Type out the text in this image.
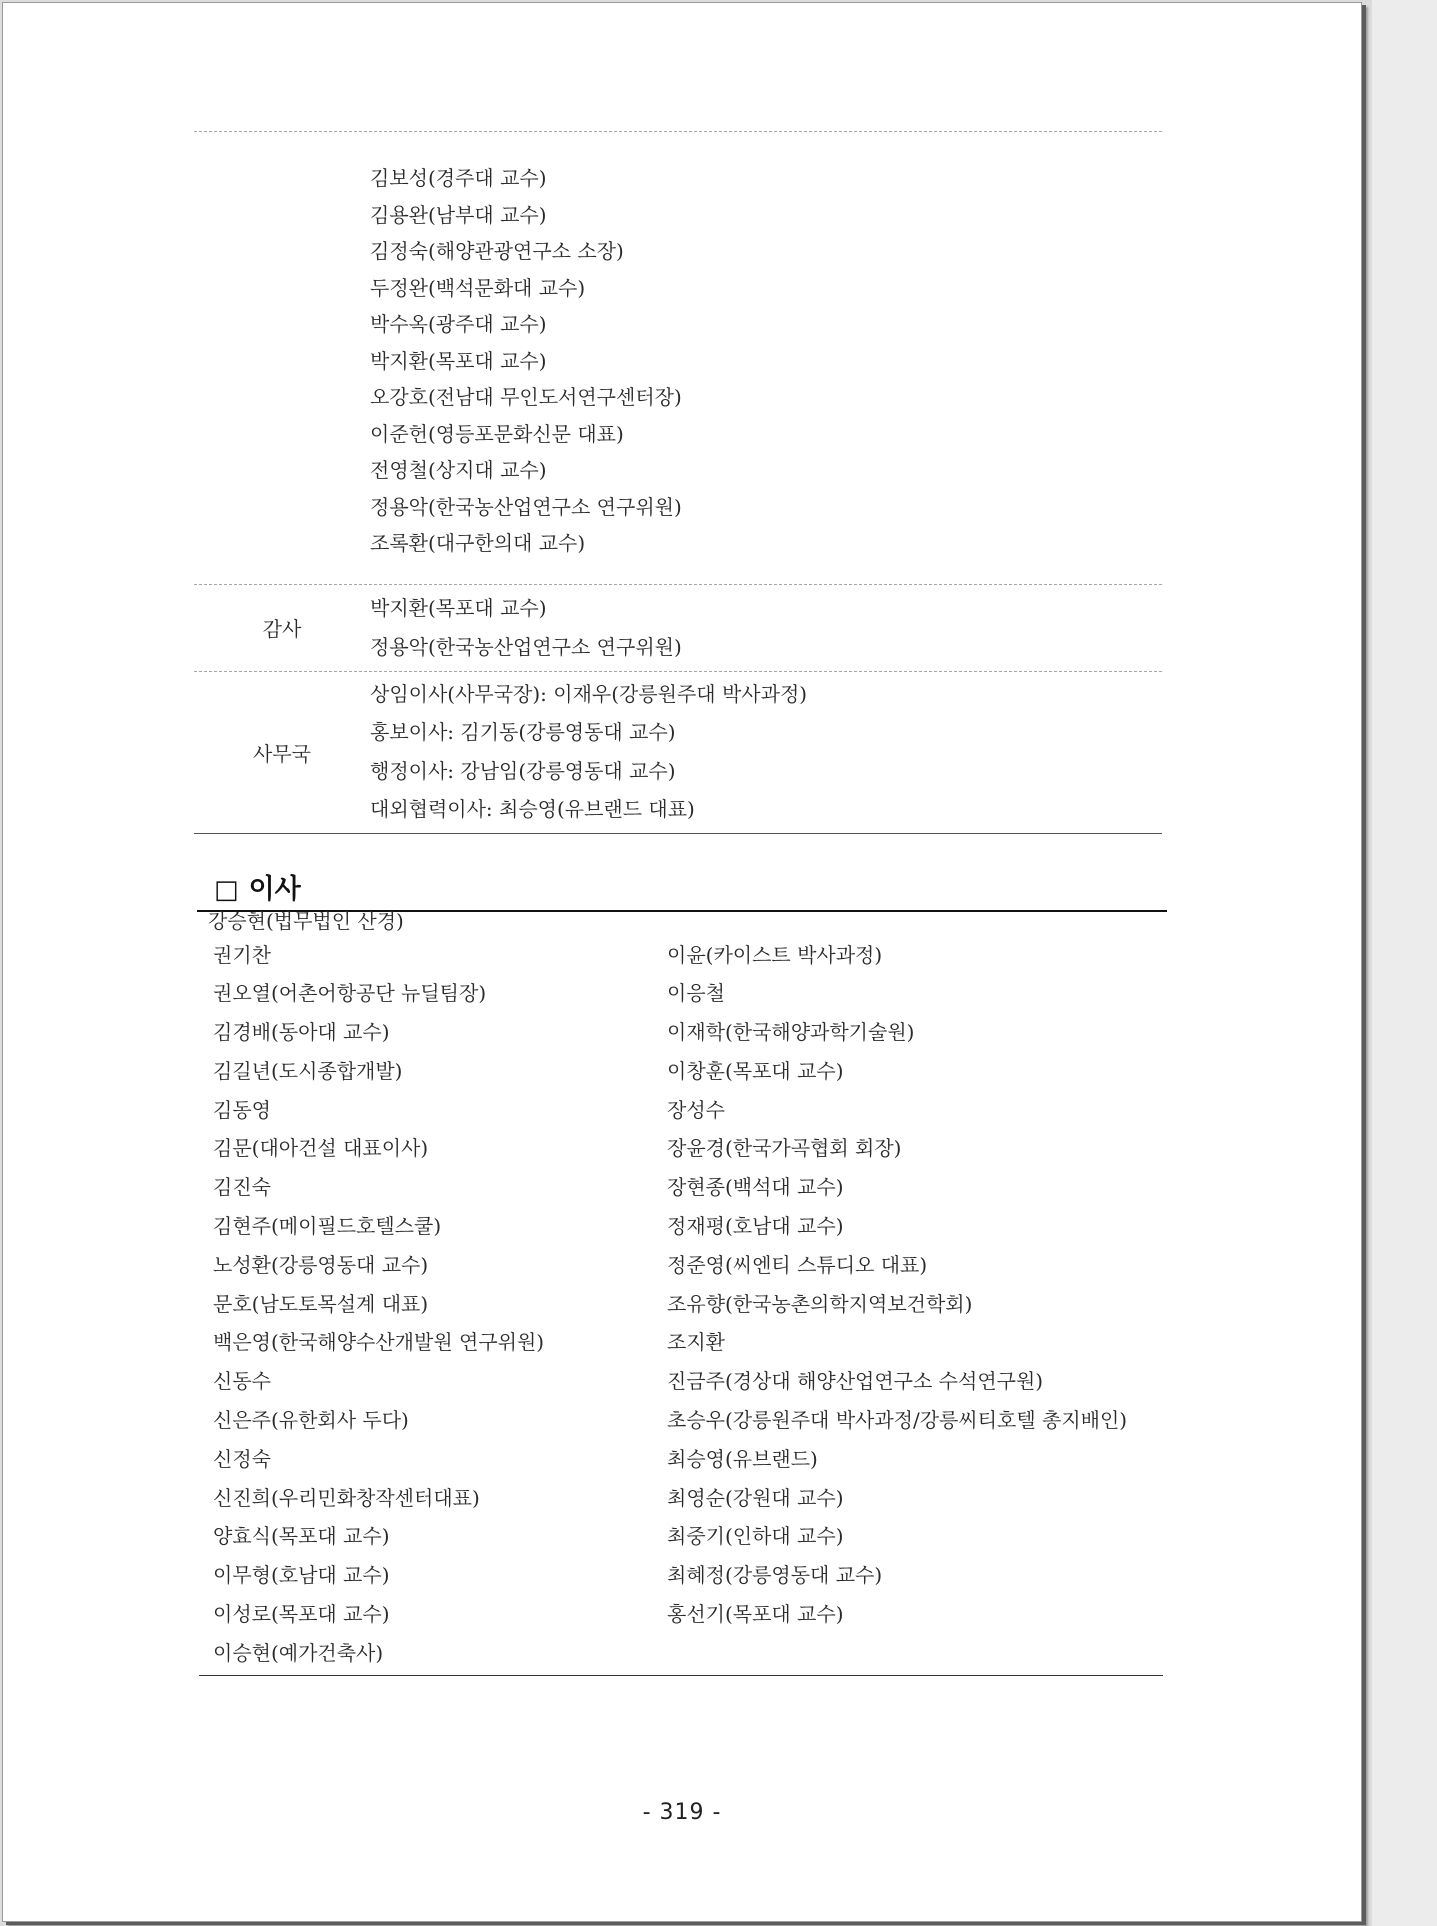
김보성(경주대 교수)
김용완(남부대 교수)
김정숙(해양관광연구소 소장)
두정완(백석문화대 교수)
박수옥(광주대 교수)
박지환(목포대 교수)
오강호(전남대 무인도서연구센터장)
이준헌(영등포문화신문 대표)
전영철(상지대 교수)
정용악(한국농산업연구소 연구위원)
조록환(대구한의대 교수)
감사
박지환(목포대 교수)
정용악(한국농산업연구소 연구위원)
사무국
상임이사(사무국장): 이재우(강릉원주대 박사과정)
홍보이사: 김기동(강릉영동대 교수)
행정이사: 강남임(강릉영동대 교수)
대외협력이사: 최승영(유브랜드 대표)
□ 이사
강승현(법무법인 산경)
권기찬
권오열(어촌어항공단 뉴딜팀장)
김경배(동아대 교수)
김길년(도시종합개발)
김동영
김문(대아건설 대표이사)
김진숙
김현주(메이필드호텔스쿨)
노성환(강릉영동대 교수)
문호(남도토목설계 대표)
백은영(한국해양수산개발원 연구위원)
신동수
신은주(유한회사 두다)
신정숙
신진희(우리민화창작센터대표)
양효식(목포대 교수)
이무형(호남대 교수)
이성로(목포대 교수)
이승현(예가건축사)
이윤(카이스트 박사과정)
이응철
이재학(한국해양과학기술원)
이창훈(목포대 교수)
장성수
장윤경(한국가곡협회 회장)
장현종(백석대 교수)
정재평(호남대 교수)
정준영(씨엔티 스튜디오 대표)
조유향(한국농촌의학지역보건학회)
조지환
진금주(경상대 해양산업연구소 수석연구원)
초승우(강릉원주대 박사과정/강릉씨티호텔 총지배인)
최승영(유브랜드)
최영순(강원대 교수)
최중기(인하대 교수)
최혜정(강릉영동대 교수)
홍선기(목포대 교수)
- 319 -
